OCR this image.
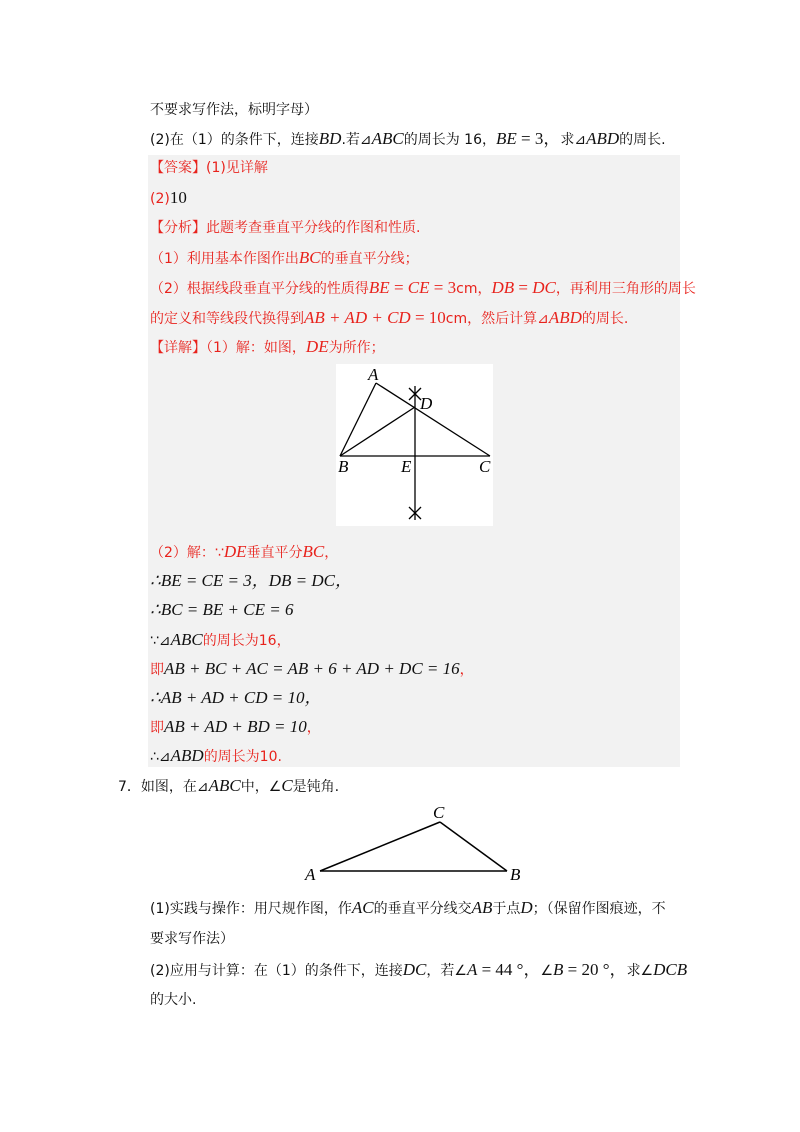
不要求写作法，标明字母）
(2)在（1）的条件下，连接BD.若⊿ABC的周长为 16，BE = 3，求⊿ABD的周长.
【答案】(1)见详解
(2)10
【分析】此题考查垂直平分线的作图和性质.
（1）利用基本作图作出BC的垂直平分线；
（2）根据线段垂直平分线的性质得BE = CE = 3cm，DB = DC，再利用三角形的周长
的定义和等线段代换得到AB + AD + CD = 10cm，然后计算⊿ABD的周长.
【详解】（1）解：如图，DE为所作；
A
D
B	E	C
（2）解：∵DE垂直平分BC，
∴BE = CE = 3，DB = DC，
∴BC = BE + CE = 6
∵⊿ABC的周长为16，
即AB + BC + AC = AB + 6 + AD + DC = 16，
∴AB + AD + CD = 10，
即AB + AD + BD = 10，
∴⊿ABD的周长为10.
7．如图，在⊿ABC中，∠C是钝角.
C
A	B
(1)实践与操作：用尺规作图，作AC的垂直平分线交AB于点D；（保留作图痕迹，不
要求写作法）
(2)应用与计算：在（1）的条件下，连接DC，若∠A = 44 °，∠B = 20 °，求∠DCB
的大小.
